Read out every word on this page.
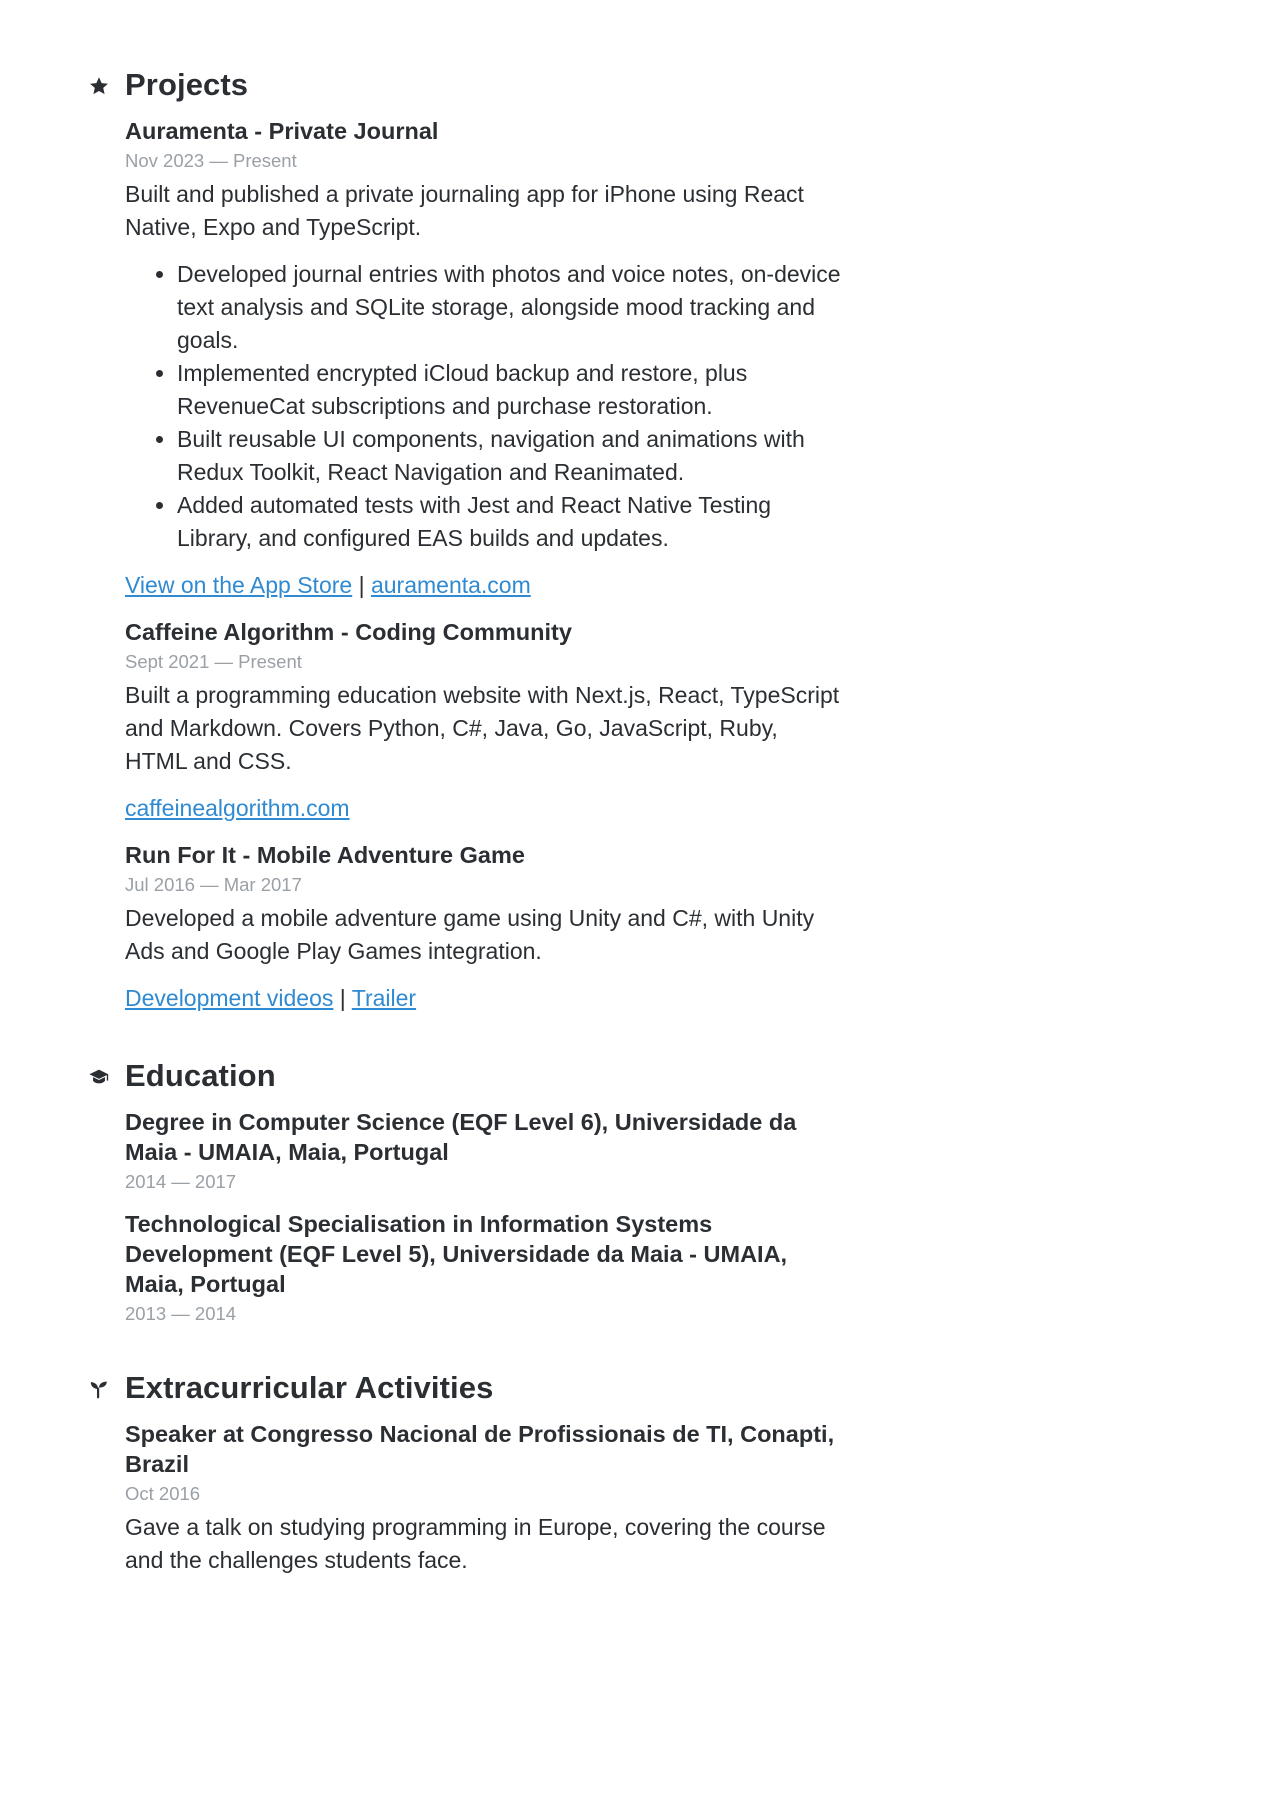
Projects
Auramenta - Private Journal
Nov 2023 — Present
Built and published a private journaling app for iPhone using React Native, Expo and TypeScript.
• Developed journal entries with photos and voice notes, on-device text analysis and SQLite storage, alongside mood tracking and goals.
• Implemented encrypted iCloud backup and restore, plus RevenueCat subscriptions and purchase restoration.
• Built reusable UI components, navigation and animations with Redux Toolkit, React Navigation and Reanimated.
• Added automated tests with Jest and React Native Testing Library, and configured EAS builds and updates.
View on the App Store | auramenta.com
Caffeine Algorithm - Coding Community
Sept 2021 — Present
Built a programming education website with Next.js, React, TypeScript and Markdown. Covers Python, C#, Java, Go, JavaScript, Ruby, HTML and CSS.
caffeinealgorithm.com
Run For It - Mobile Adventure Game
Jul 2016 — Mar 2017
Developed a mobile adventure game using Unity and C#, with Unity Ads and Google Play Games integration.
Development videos | Trailer
Education
Degree in Computer Science (EQF Level 6), Universidade da Maia - UMAIA, Maia, Portugal
2014 — 2017
Technological Specialisation in Information Systems Development (EQF Level 5), Universidade da Maia - UMAIA, Maia, Portugal
2013 — 2014
Extracurricular Activities
Speaker at Congresso Nacional de Profissionais de TI, Conapti, Brazil
Oct 2016
Gave a talk on studying programming in Europe, covering the course and the challenges students face.
